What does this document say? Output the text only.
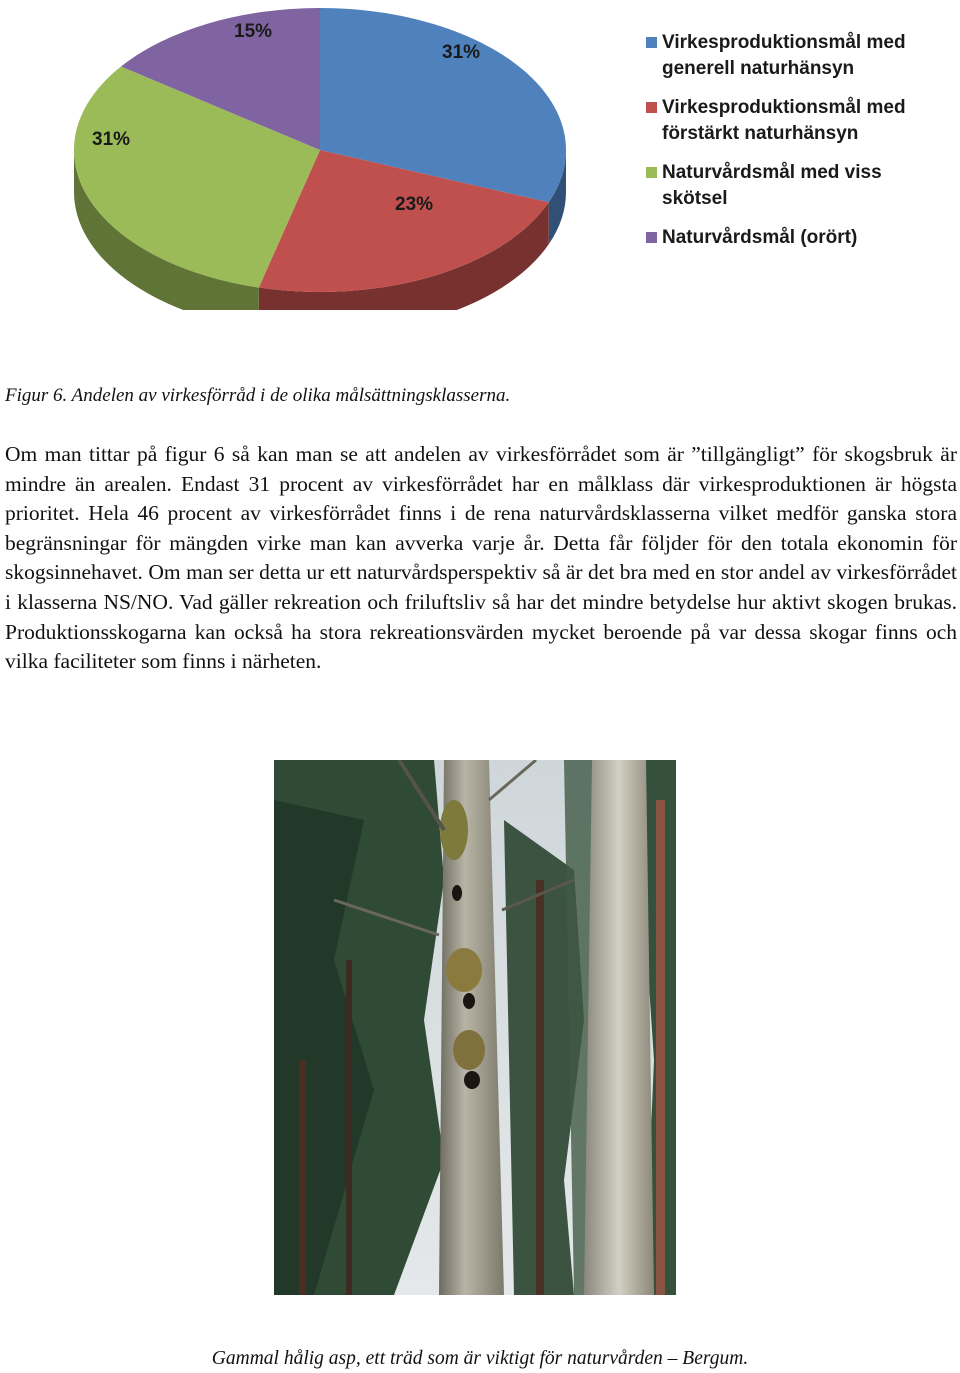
31%
23%
31%
15%
Virkesproduktionsmål med generell naturhänsyn
Virkesproduktionsmål med förstärkt naturhänsyn
Naturvårdsmål med viss skötsel
Naturvårdsmål (orört)
Figur 6. Andelen av virkesförråd i de olika målsättningsklasserna.

Om man tittar på figur 6 så kan man se att andelen av virkesförrådet som är ”tillgängligt” för skogsbruk är mindre än arealen. Endast 31 procent av virkesförrådet har en målklass där virkesproduktionen är högsta prioritet. Hela 46 procent av virkesförrådet finns i de rena naturvårdsklasserna vilket medför ganska stora begränsningar för mängden virke man kan avverka varje år. Detta får följder för den totala ekonomin för skogsinnehavet. Om man ser detta ur ett naturvårdsperspektiv så är det bra med en stor andel av virkesförrådet i klasserna NS/NO. Vad gäller rekreation och friluftsliv så har det mindre betydelse hur aktivt skogen brukas. Produktionsskogarna kan också ha stora rekreationsvärden mycket beroende på var dessa skogar finns och vilka faciliteter som finns i närheten.

Gammal hålig asp, ett träd som är viktigt för naturvården – Bergum.
